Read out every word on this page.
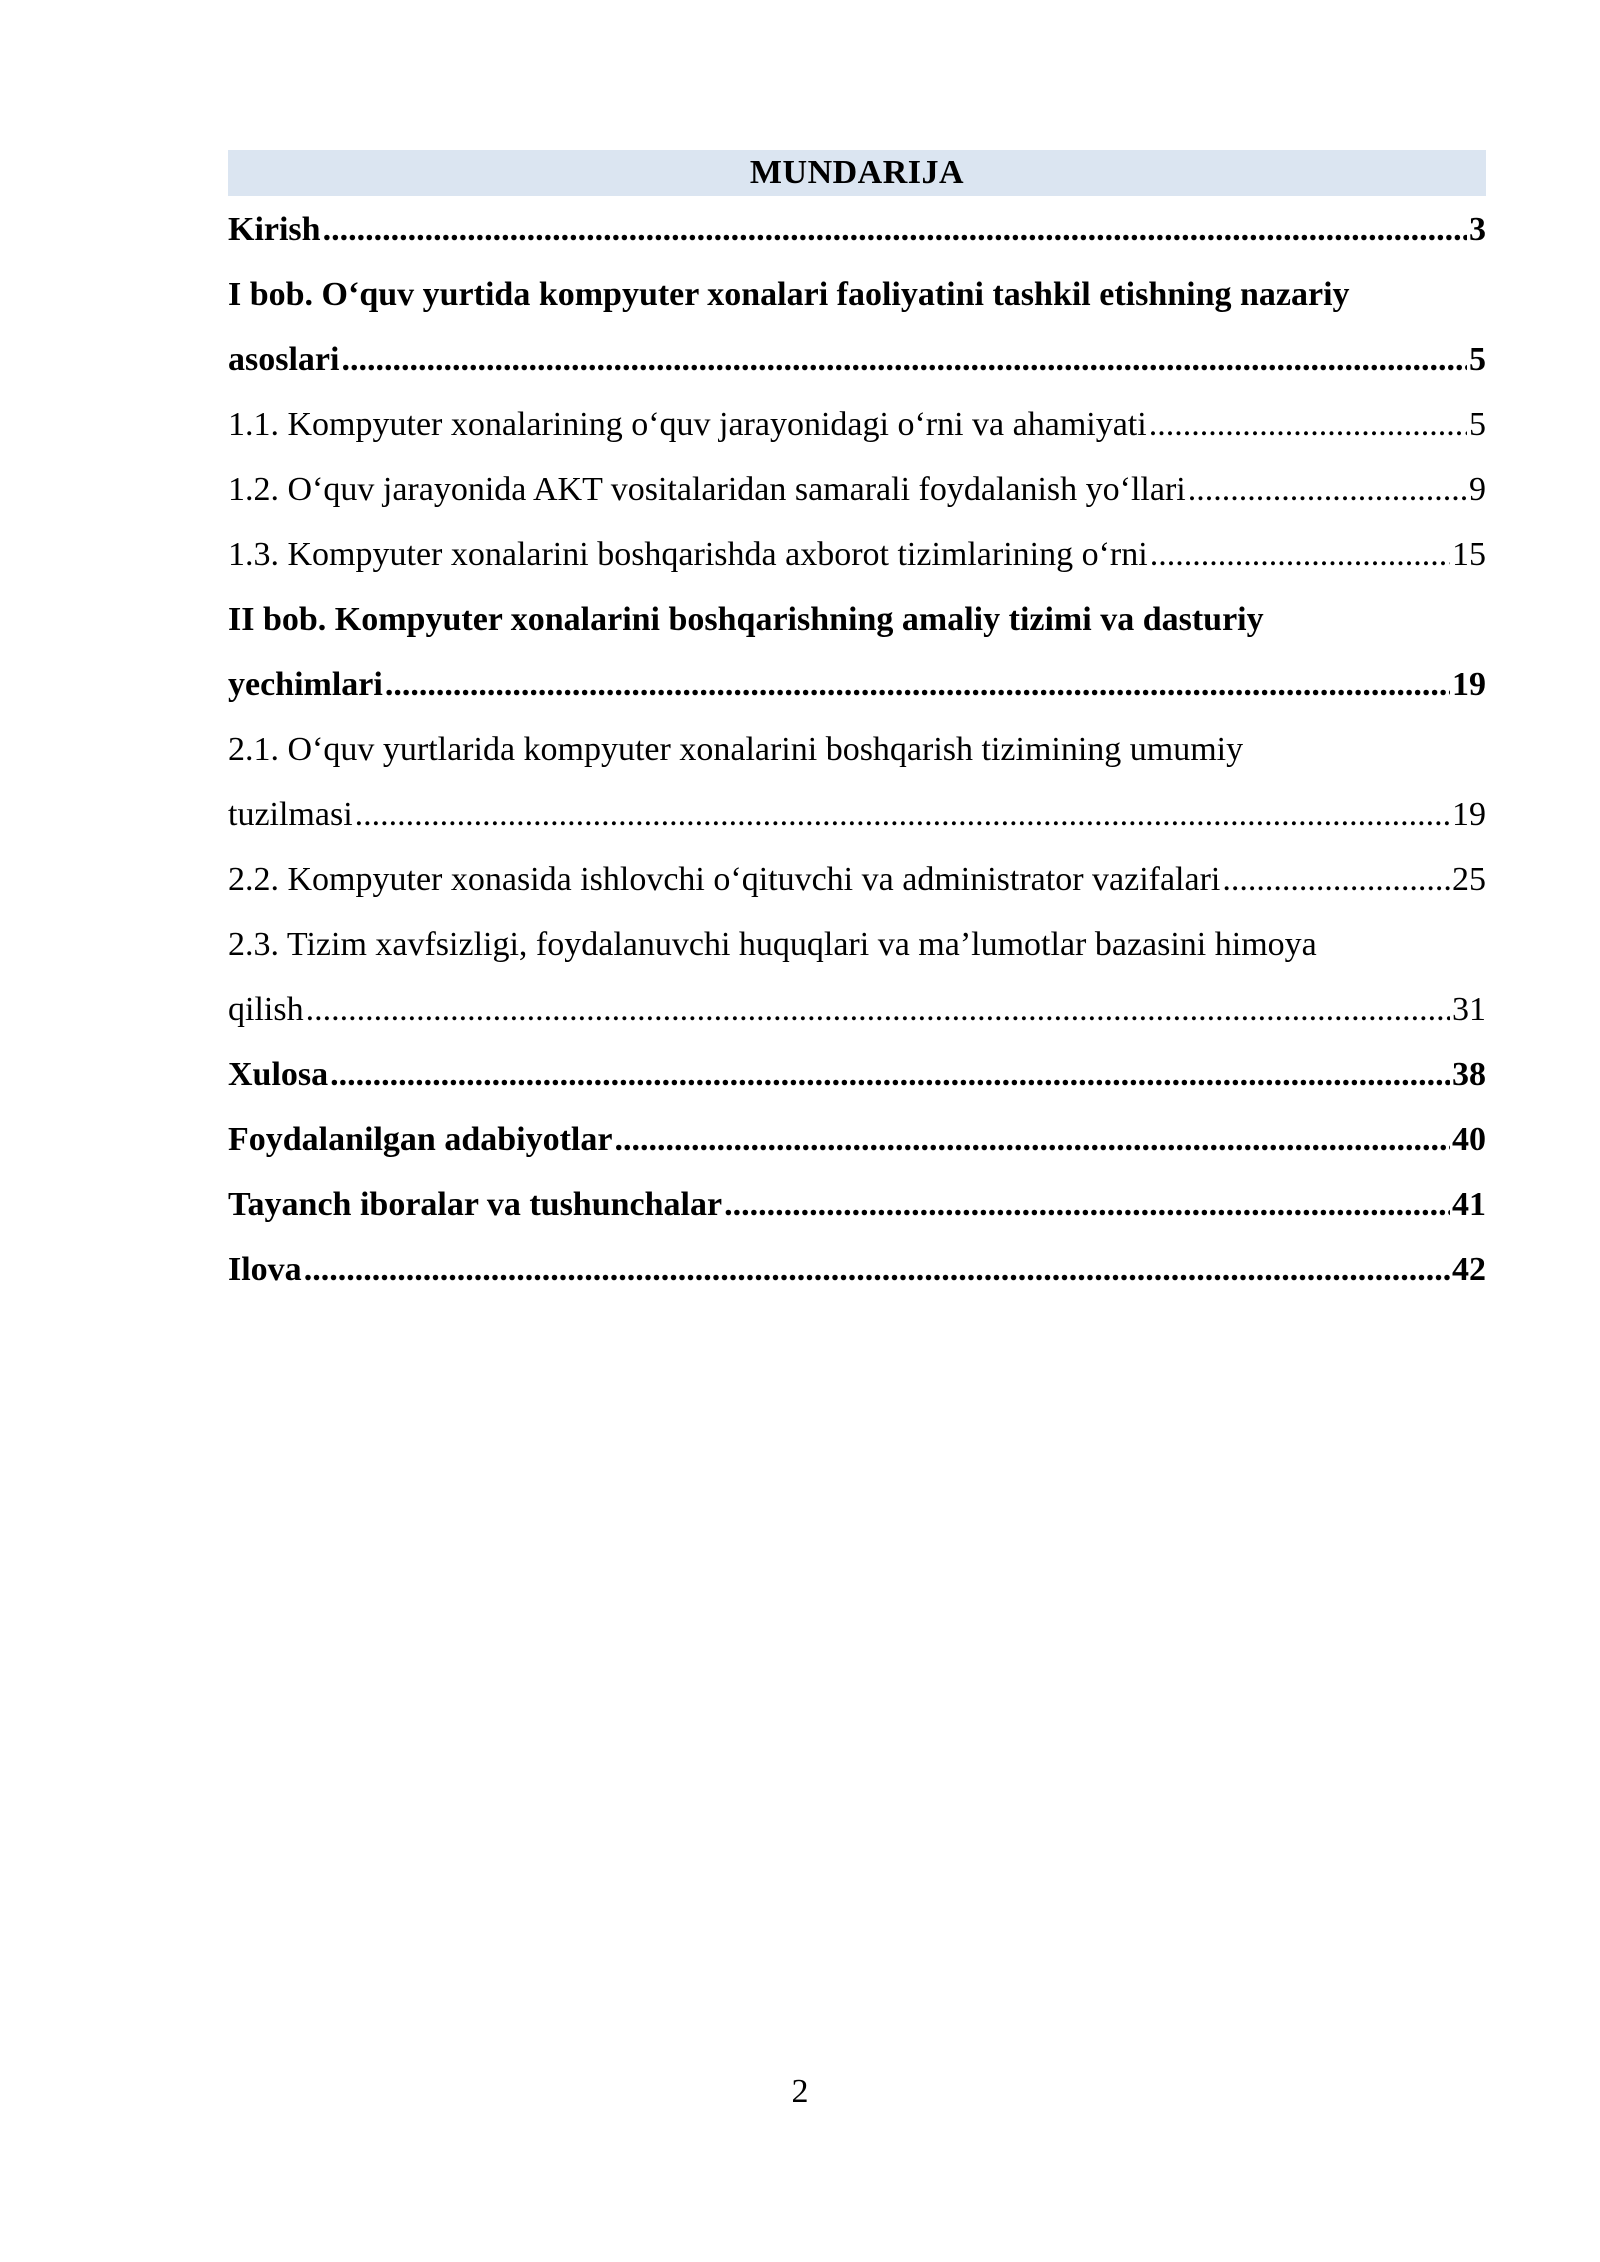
MUNDARIJA
Kirish .....	3
I bob. O‘quv yurtida kompyuter xonalari faoliyatini tashkil etishning nazariy
asoslari .....	5
1.1. Kompyuter xonalarining o‘quv jarayonidagi o‘rni va ahamiyati .....	5
1.2. O‘quv jarayonida AKT vositalaridan samarali foydalanish yo‘llari .....	9
1.3. Kompyuter xonalarini boshqarishda axborot tizimlarining o‘rni .....	15
II bob. Kompyuter xonalarini boshqarishning amaliy tizimi va dasturiy
yechimlari .....	19
2.1. O‘quv yurtlarida kompyuter xonalarini boshqarish tizimining umumiy
tuzilmasi .....	19
2.2. Kompyuter xonasida ishlovchi o‘qituvchi va administrator vazifalari .....	25
2.3. Tizim xavfsizligi, foydalanuvchi huquqlari va ma’lumotlar bazasini himoya
qilish .....	31
Xulosa .....	38
Foydalanilgan adabiyotlar .....	40
Tayanch iboralar va tushunchalar .....	41
Ilova .....	42
2
